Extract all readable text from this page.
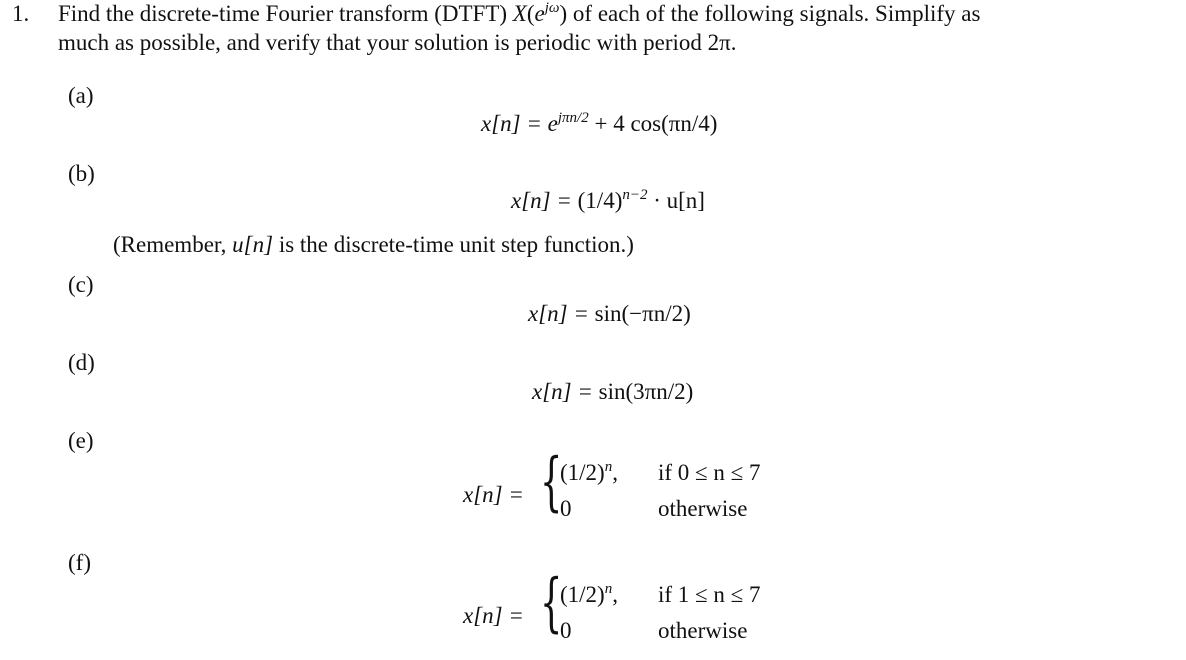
1. Find the discrete-time Fourier transform (DTFT) $X(e^{j\omega})$ of each of the following signals. Simplify as
much as possible, and verify that your solution is periodic with period 2π.
(a)
$x[n] = e^{j\pi n/2} + 4$ cos(πn/4)
(b)
$x[n] = (1/4)^{n-2} \cdot u[n]$
(Remember, u[n] is the discrete-time unit step function.)
(c)
x[n] = sin(−πn/2)
(d)
x[n] = sin(3πn/2)
(e)
x[n] = {
$(1/2)^n$, if 0 ≤ n ≤ 7
0	otherwise
(f)
x[n] = {
$(1/2)^n$, if 1 ≤ n ≤ 7
0	otherwise
